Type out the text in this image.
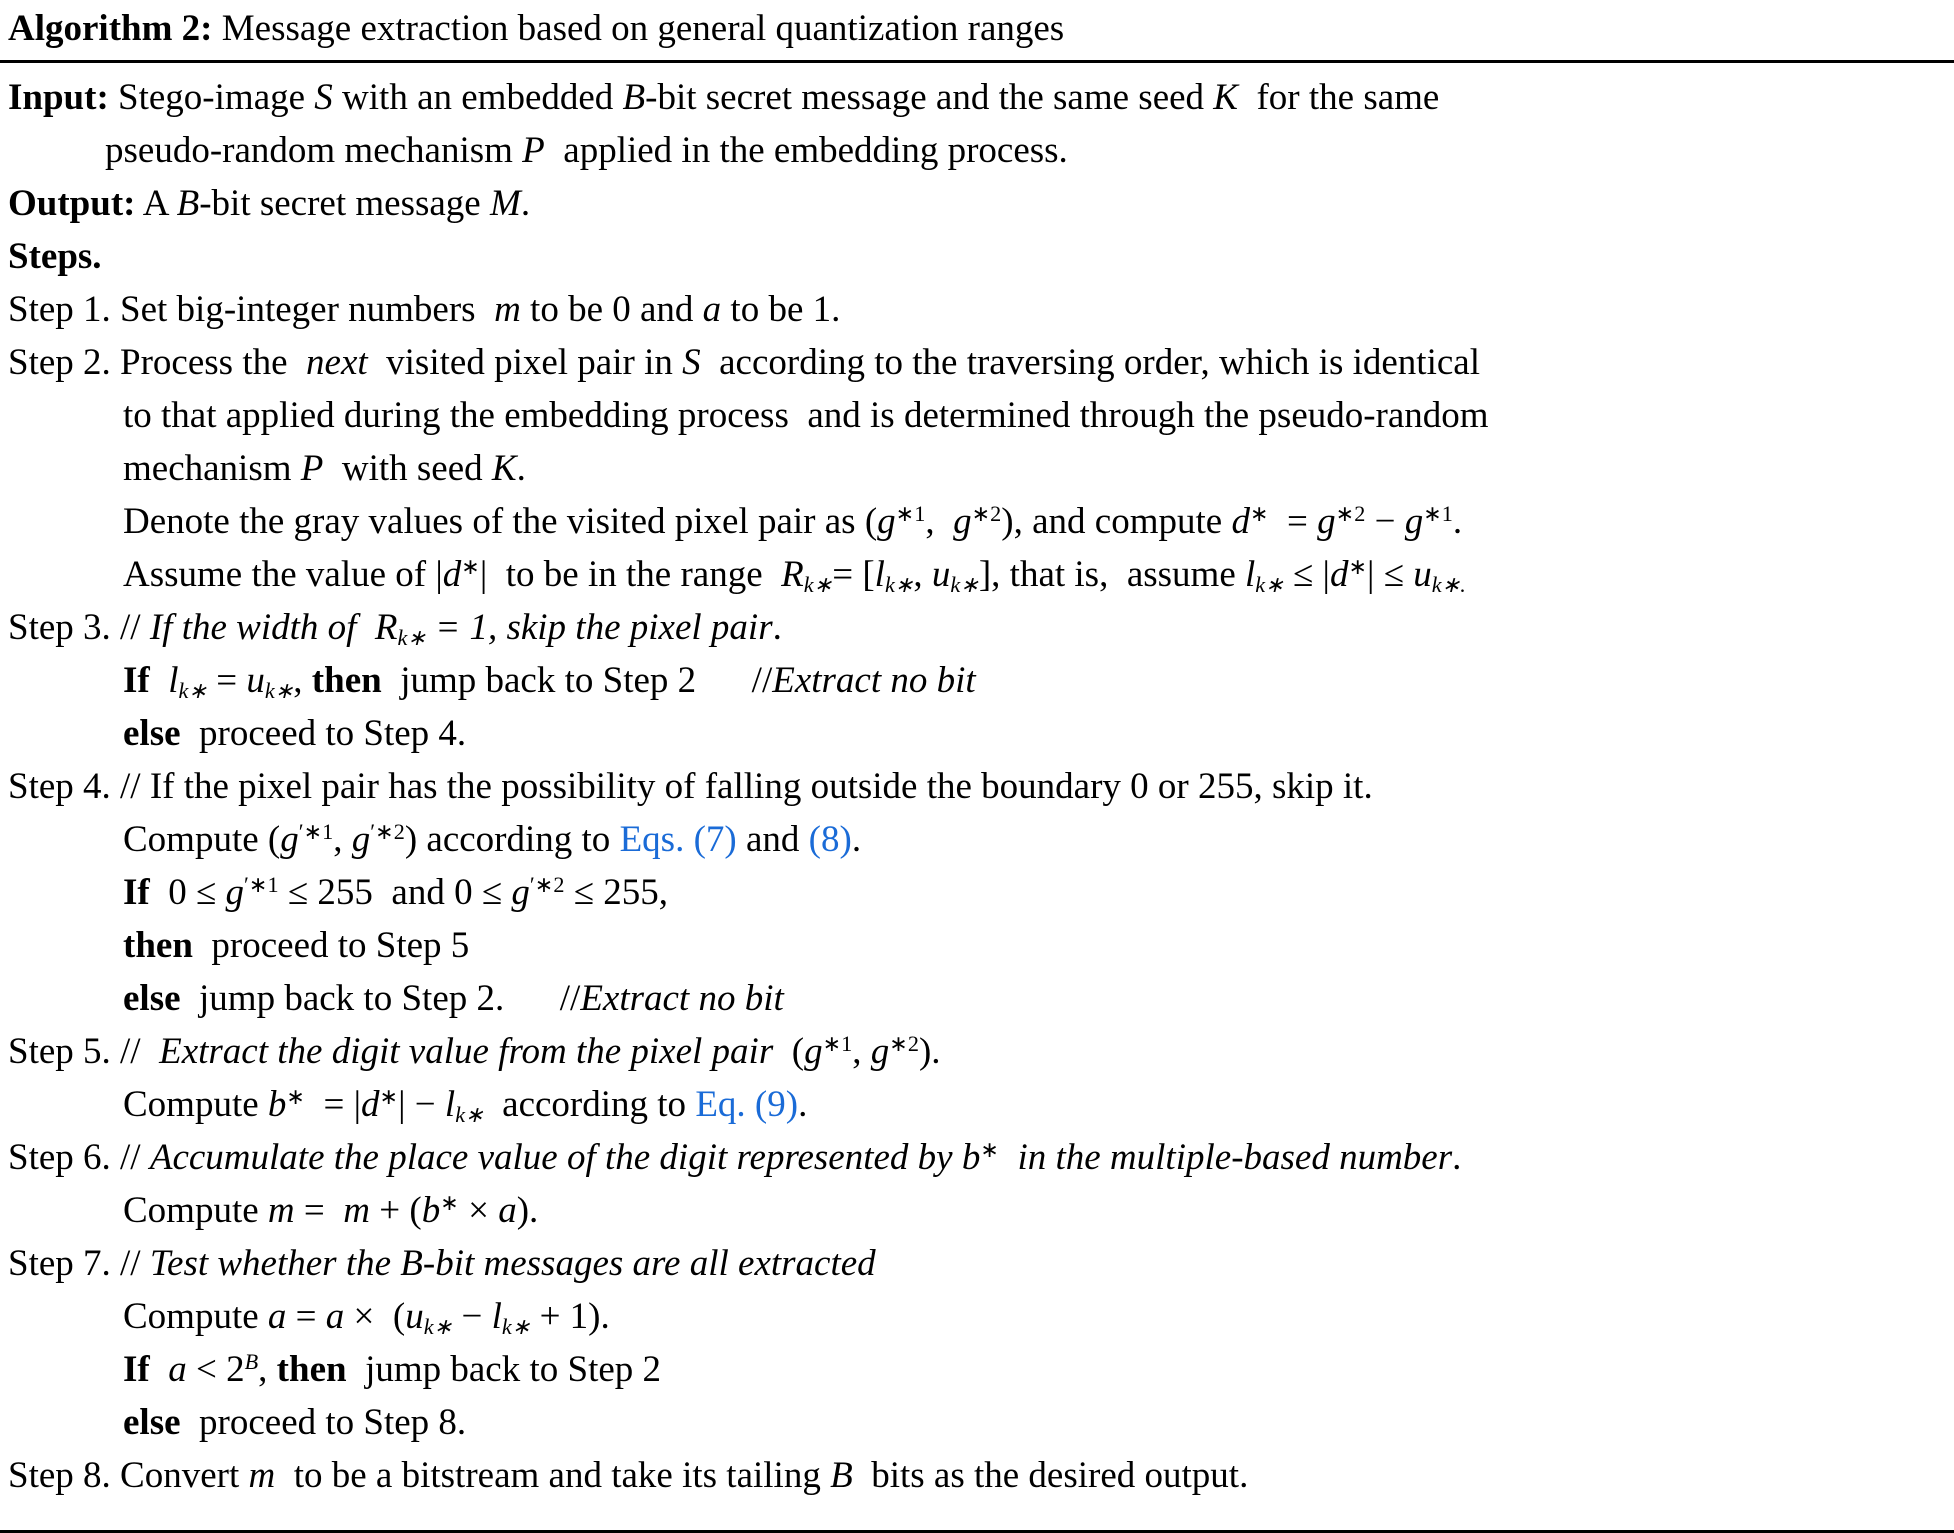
Algorithm 2: Message extraction based on general quantization ranges
Input: Stego-image S with an embedded B-bit secret message and the same seed K  for the same
pseudo-random mechanism P  applied in the embedding process.
Output: A B-bit secret message M.
Steps.
Step 1. Set big-integer numbers  m to be 0 and a to be 1.
Step 2. Process the  next  visited pixel pair in S  according to the traversing order, which is identical
to that applied during the embedding process  and is determined through the pseudo-random
mechanism P  with seed K.
Denote the gray values of the visited pixel pair as ($g^{∗1}$,  $g^{∗2}$), and compute $d^∗ = g^{∗2} - g^{∗1}$.
Assume the value of |d∗|  to be in the range  Rk∗= [lk∗, uk∗], that is,  assume lk∗ ≤ |d∗| ≤ uk∗.
Step 3. // If the width of  Rk∗ = 1, skip the pixel pair.
If lk∗ = uk∗, then  jump back to Step 2      //Extract no bit
else  proceed to Step 4.
Step 4. // If the pixel pair has the possibility of falling outside the boundary 0 or 255, skip it.
Compute ($g^{'∗1}$, $g^{'∗2}$) according to Eqs. (7) and (8).
If  $0 \le g^{'∗1} \le 255$  and $0 \le g^{'∗2} \le 255$,
then  proceed to Step 5
else  jump back to Step 2.      //Extract no bit
Step 5. //  Extract the digit value from the pixel pair  ($g^{∗1}$, $g^{∗2}$).
Compute b∗  = |d∗| − lk∗  according to Eq. (9).
Step 6. // Accumulate the place value of the digit represented by b∗ in the multiple-based number.
Compute m =  m + (b∗ × a).
Step 7. // Test whether the B-bit messages are all extracted
Compute a = a ×  (uk∗ − lk∗ + 1).
If $a < 2^B$, then  jump back to Step 2
else  proceed to Step 8.
Step 8. Convert m  to be a bitstream and take its tailing B  bits as the desired output.
